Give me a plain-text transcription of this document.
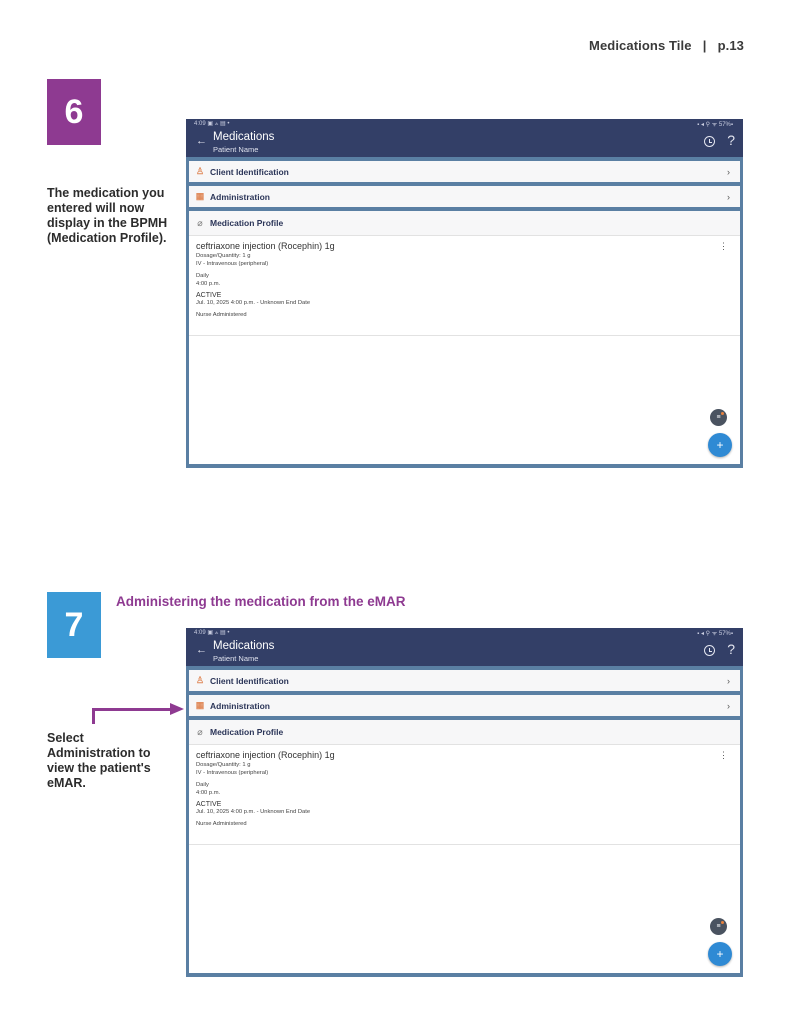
Medications Tile | p.13
6
The medication you entered will now display in the BPMH (Medication Profile).
4:09 ▣ ⟑ ▤ •	▪ ◂ ⚲ ᯤ 57%▪
← Medications
Patient Name
?
♙ Client Identification	›
▦ Administration	›
⌀ Medication Profile
⋮
ceftriaxone injection (Rocephin) 1g
Dosage/Quantity: 1 g
IV - Intravenous (peripheral)
Daily
4:00 p.m.
ACTIVE
Jul. 10, 2025 4:00 p.m. - Unknown End Date
Nurse Administered
≡
+
7
Administering the medication from the eMAR
Select Administration to view the patient's eMAR.
4:09 ▣ ⟑ ▤ •	▪ ◂ ⚲ ᯤ 57%▪
← Medications
Patient Name
?
♙ Client Identification	›
▦ Administration	›
⌀ Medication Profile
⋮
ceftriaxone injection (Rocephin) 1g
Dosage/Quantity: 1 g
IV - Intravenous (peripheral)
Daily
4:00 p.m.
ACTIVE
Jul. 10, 2025 4:00 p.m. - Unknown End Date
Nurse Administered
≡
+
